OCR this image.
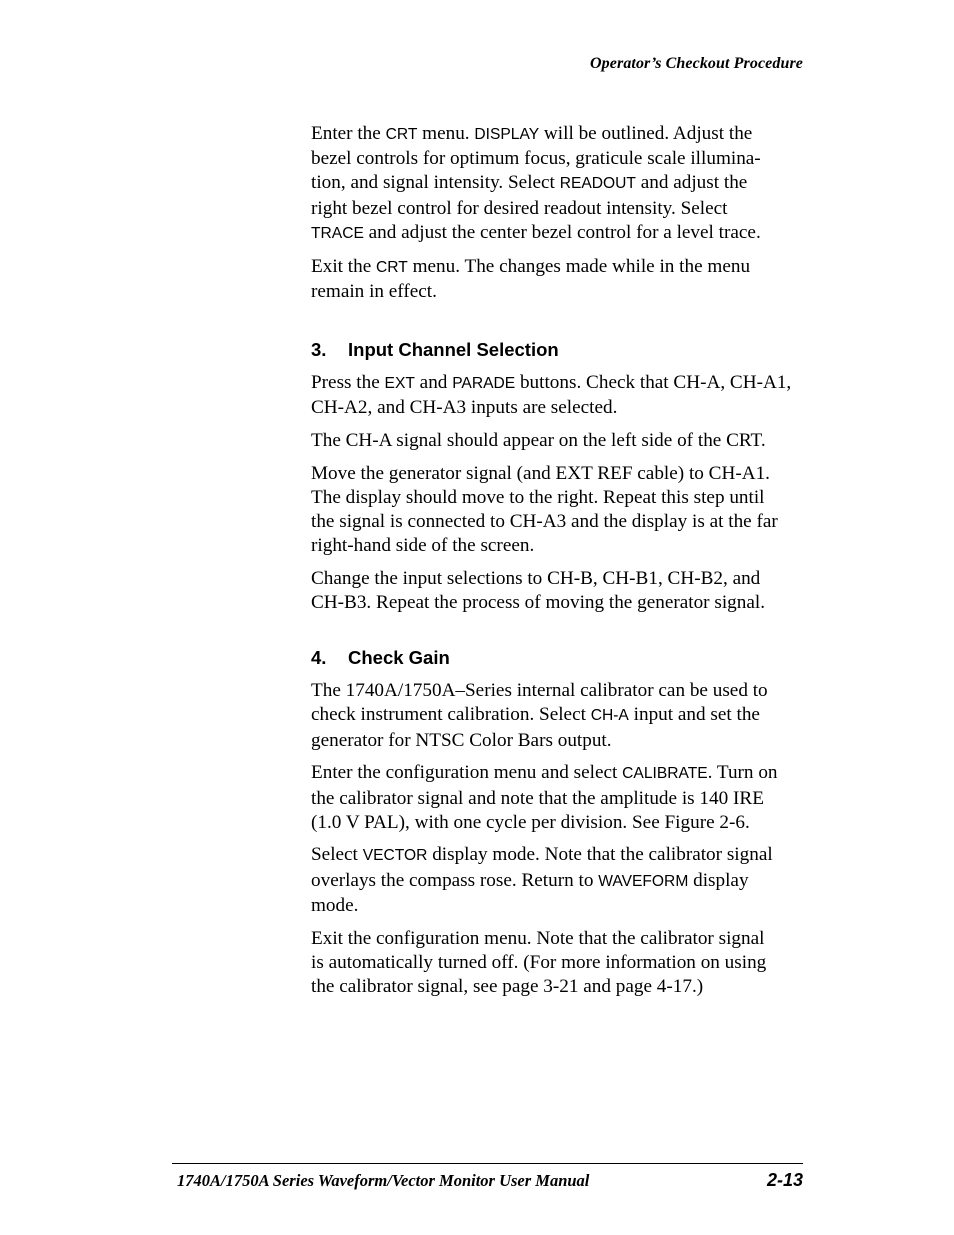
Operator’s Checkout Procedure

Enter the CRT menu. DISPLAY will be outlined. Adjust the
bezel controls for optimum focus, graticule scale illumina-
tion, and signal intensity. Select READOUT and adjust the
right bezel control for desired readout intensity. Select
TRACE and adjust the center bezel control for a level trace.

Exit the CRT menu. The changes made while in the menu
remain in effect.

3. Input Channel Selection

Press the EXT and PARADE buttons. Check that CH-A, CH-A1,
CH-A2, and CH-A3 inputs are selected.

The CH-A signal should appear on the left side of the CRT.

Move the generator signal (and EXT REF cable) to CH-A1.
The display should move to the right. Repeat this step until
the signal is connected to CH-A3 and the display is at the far
right-hand side of the screen.

Change the input selections to CH-B, CH-B1, CH-B2, and
CH-B3. Repeat the process of moving the generator signal.

4. Check Gain

The 1740A/1750A–Series internal calibrator can be used to
check instrument calibration. Select CH-A input and set the
generator for NTSC Color Bars output.

Enter the configuration menu and select CALIBRATE. Turn on
the calibrator signal and note that the amplitude is 140 IRE
(1.0 V PAL), with one cycle per division. See Figure 2-6.

Select VECTOR display mode. Note that the calibrator signal
overlays the compass rose. Return to WAVEFORM display
mode.

Exit the configuration menu. Note that the calibrator signal
is automatically turned off. (For more information on using
the calibrator signal, see page 3-21 and page 4-17.)

1740A/1750A Series Waveform/Vector Monitor User Manual	2-13
